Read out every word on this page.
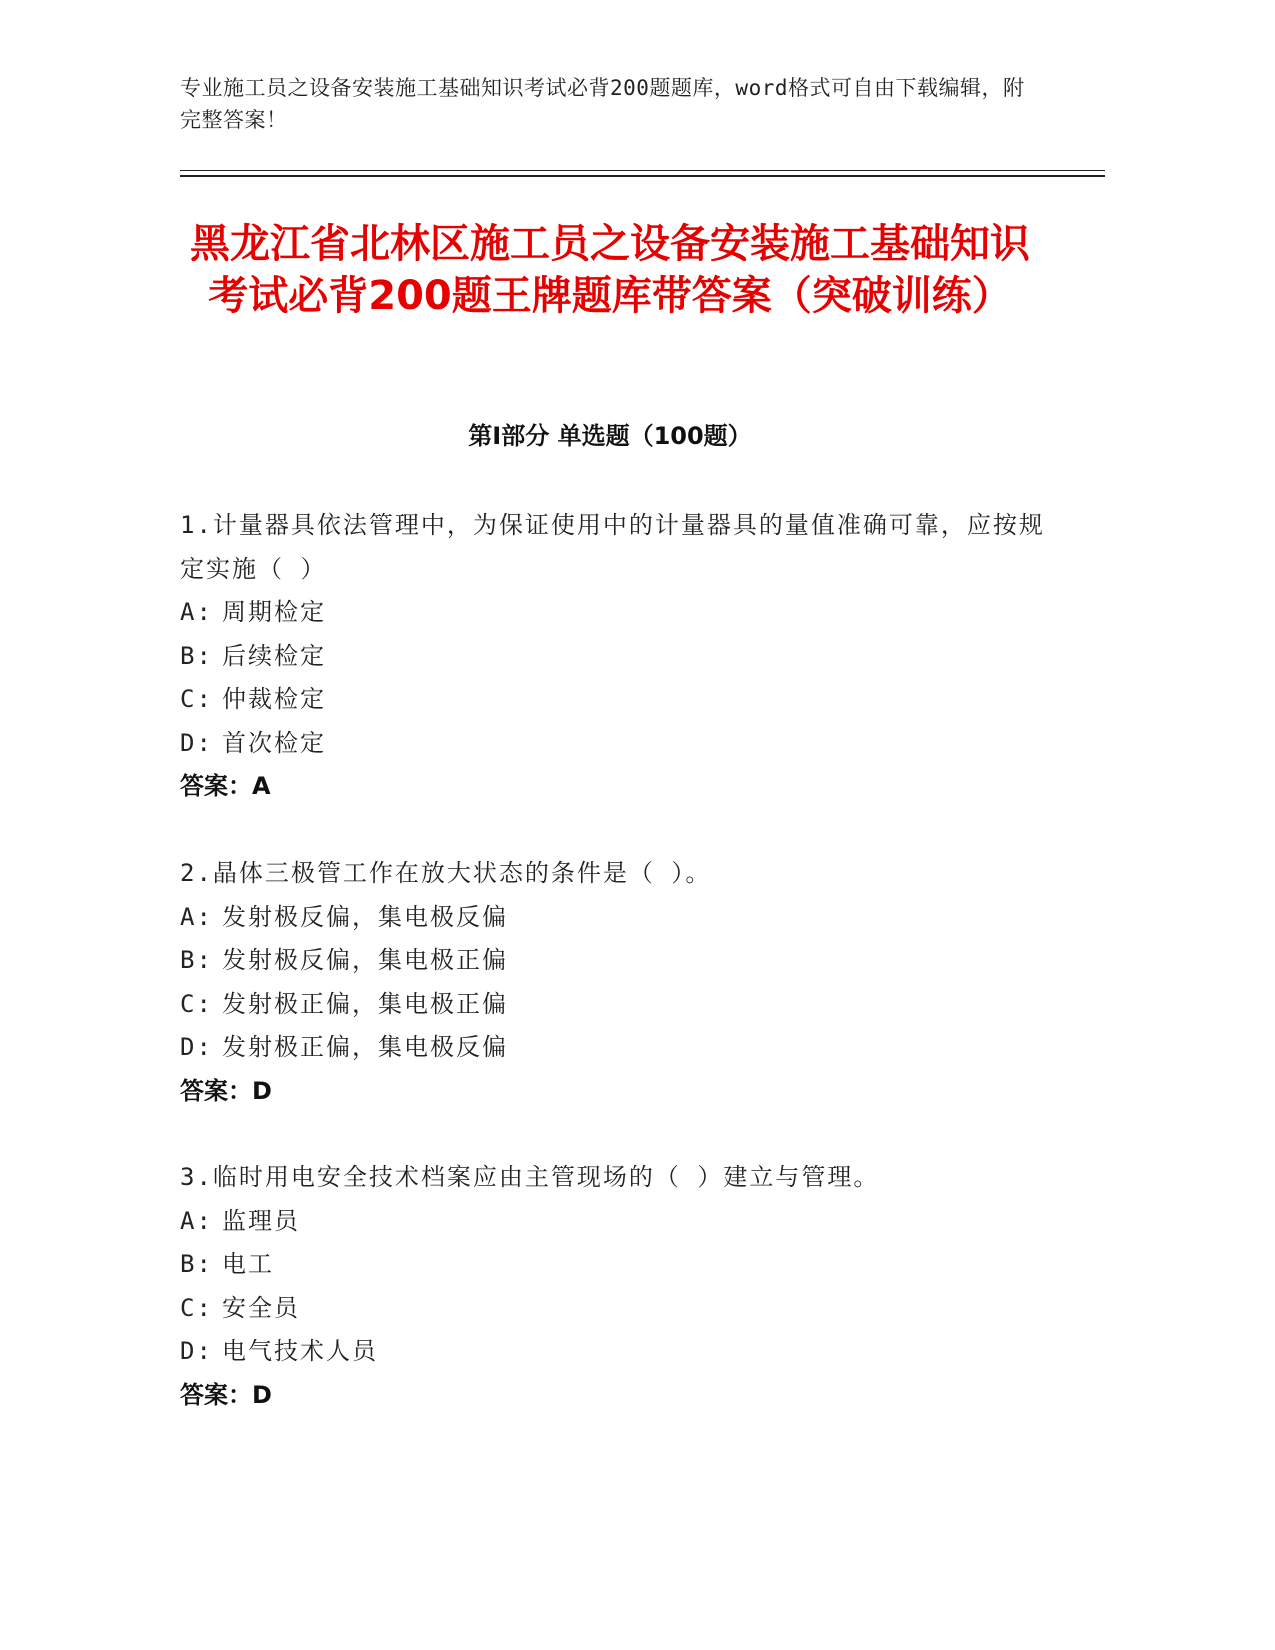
专业施工员之设备安装施工基础知识考试必背200题题库，word格式可自由下载编辑，附完整答案！
黑龙江省北林区施工员之设备安装施工基础知识考试必背200题王牌题库带答案（突破训练）
第I部分 单选题（100题）
1.计量器具依法管理中，为保证使用中的计量器具的量值准确可靠，应按规定实施（ ）
A: 周期检定
B: 后续检定
C: 仲裁检定
D: 首次检定
答案：A
2.晶体三极管工作在放大状态的条件是（ ）。
A: 发射极反偏，集电极反偏
B: 发射极反偏，集电极正偏
C: 发射极正偏，集电极正偏
D: 发射极正偏，集电极反偏
答案：D
3.临时用电安全技术档案应由主管现场的（ ）建立与管理。
A: 监理员
B: 电工
C: 安全员
D: 电气技术人员
答案：D
